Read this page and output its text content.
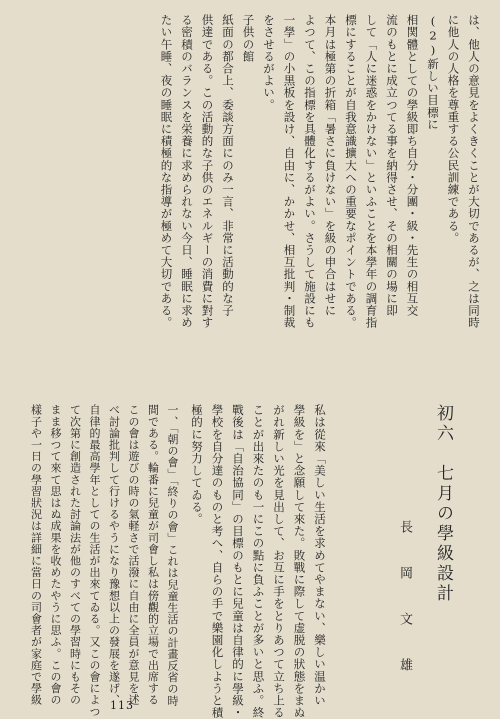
は、他人の意見をよくきくことが大切であるが、之は同時

に他人の人格を尊重する公民訓練である。

(2)新しい目標に

相関體としての學級即ち自分・分團・級・先生の相互交

流のもとに成立つてる事を納得させ、その相關の場に即

して「人に迷惑をかけない」といふことを本學年の調育指

標にすることが自我意識擴大への重要なポイントである。

本月は極第の折箱「暑さに負けない」を級の申合はせに

よつて、この指標を具體化するがよい。さうして施設にも

一學」の小黒板を設け、自由に、かかせ、相互批判・制裁

をさせるがよい。

子供の館

紙面の都合上、委談方面にのみ一言、非常に活動的な子

供達である。この活動的な子供のエネルギーの消費に對す

る密積のバランスを栄養に求められない今日、睡眠に求め

たい午睡、夜の睡眠に積極的な指導が極めて大切である。

初六　七月の學級設計
長　岡　文　雄

私は從來「美しい生活を求めてやまない、樂しい温かい

學級を」と念願して來た。敗戰に際して虚脱の狀態をまぬ

がれ新しい光を見出して、お互に手をとりあつて立ち上る

ことが出來たのも一にこの點に負ふことが多いと思ふ。終

戰後は「自治協同」の目標のもとに兒童は自律的に學級・

學校を自分達のものと考へ、自らの手で樂園化しようと積

極的に努力してゐる。

一、「朝の會」「終りの會」これは兒童生活の計畫反省の時

間である。輪番に兒童が司會し私は傍觀的立場で出席する

この會は遊びの時の氣軽さで活潑に自由に全員が意見を述

べ討論批判して行けるやうになり豫想以上の發展を遂げ、

自律的最高學年としての生活が出來てゐる。又この會によつ

て次第に創造された討論法が他のすべての學習時にもその

まま移つて來て思はぬ成果を收めたやうに思ふ。この會の

樣子や一日の學習狀況は詳細に當日の司會者が家庭で學級	113
